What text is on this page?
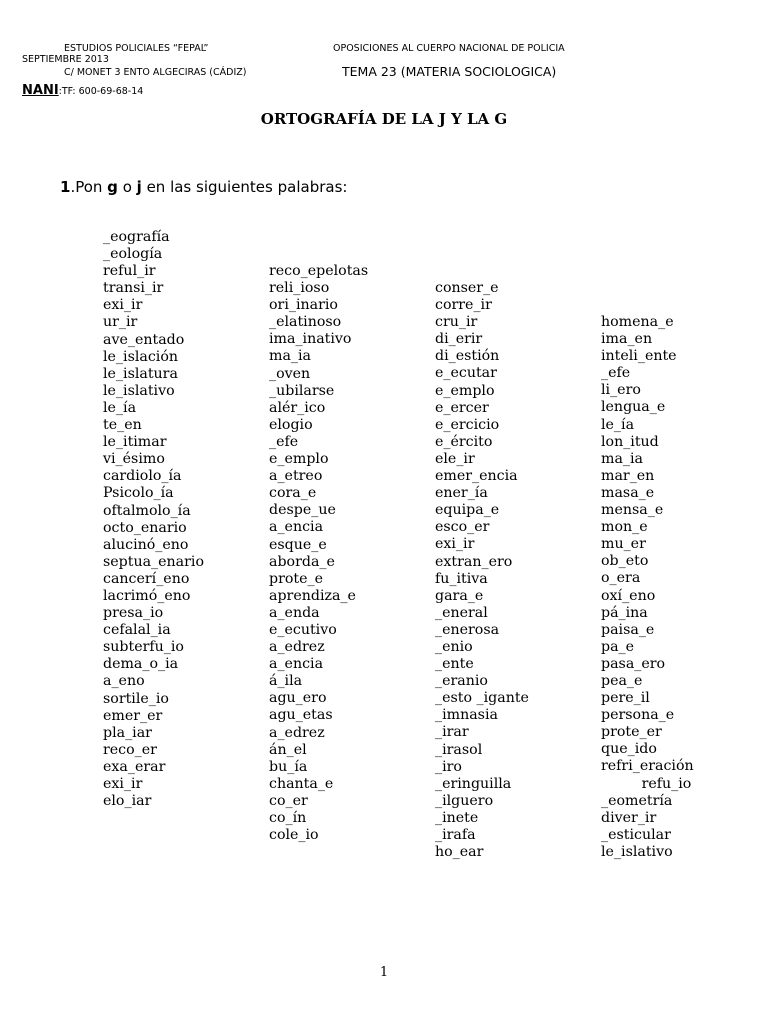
ESTUDIOS POLICIALES “FEPAL”
SEPTIEMBRE 2013
C/ MONET 3 ENTO ALGECIRAS (CÁDIZ)
NANI:TF: 600-69-68-14
OPOSICIONES AL CUERPO NACIONAL DE POLICIA
TEMA 23 (MATERIA SOCIOLOGICA)
ORTOGRAFÍA DE LA J Y LA G
1.Pon g o j en las siguientes palabras:
_eografía
_eología
reful_ir
transi_ir
exi_ir
ur_ir
ave_entado
le_islación
le_islatura
le_islativo
le_ía
te_en
le_itimar
vi_ésimo
cardiolo_ía
Psicolo_ía
oftalmolo_ía
octo_enario
alucinó_eno
septua_enario
cancerí_eno
lacrimó_eno
presa_io
cefalal_ia
subterfu_io
dema_o_ia
a_eno
sortile_io
emer_er
pla_iar
reco_er
exa_erar
exi_ir
elo_iar
reco_epelotas
reli_ioso
ori_inario
_elatinoso
ima_inativo
ma_ia
_oven
_ubilarse
alér_ico
elogio
_efe
e_emplo
a_etreo
cora_e
despe_ue
a_encia
esque_e
aborda_e
prote_e
aprendiza_e
a_enda
e_ecutivo
a_edrez
a_encia
á_ila
agu_ero
agu_etas
a_edrez
án_el
bu_ía
chanta_e
co_er
co_ín
cole_io
conser_e
corre_ir
cru_ir
di_erir
di_estión
e_ecutar
e_emplo
e_ercer
e_ercicio
e_ército
ele_ir
emer_encia
ener_ía
equipa_e
esco_er
exi_ir
extran_ero
fu_itiva
gara_e
_eneral
_enerosa
_enio
_ente
_eranio
_esto _igante
_imnasia
_irar
_irasol
_iro
_eringuilla
_ilguero
_inete
_irafa
ho_ear
homena_e
ima_en
inteli_ente
_efe
li_ero
lengua_e
le_ía
lon_itud
ma_ia
mar_en
masa_e
mensa_e
mon_e
mu_er
ob_eto
o_era
oxí_eno
pá_ina
paisa_e
pa_e
pasa_ero
pea_e
pere_il
persona_e
prote_er
que_ido
refri_eración
refu_io
_eometría
diver_ir
_esticular
le_islativo
1
